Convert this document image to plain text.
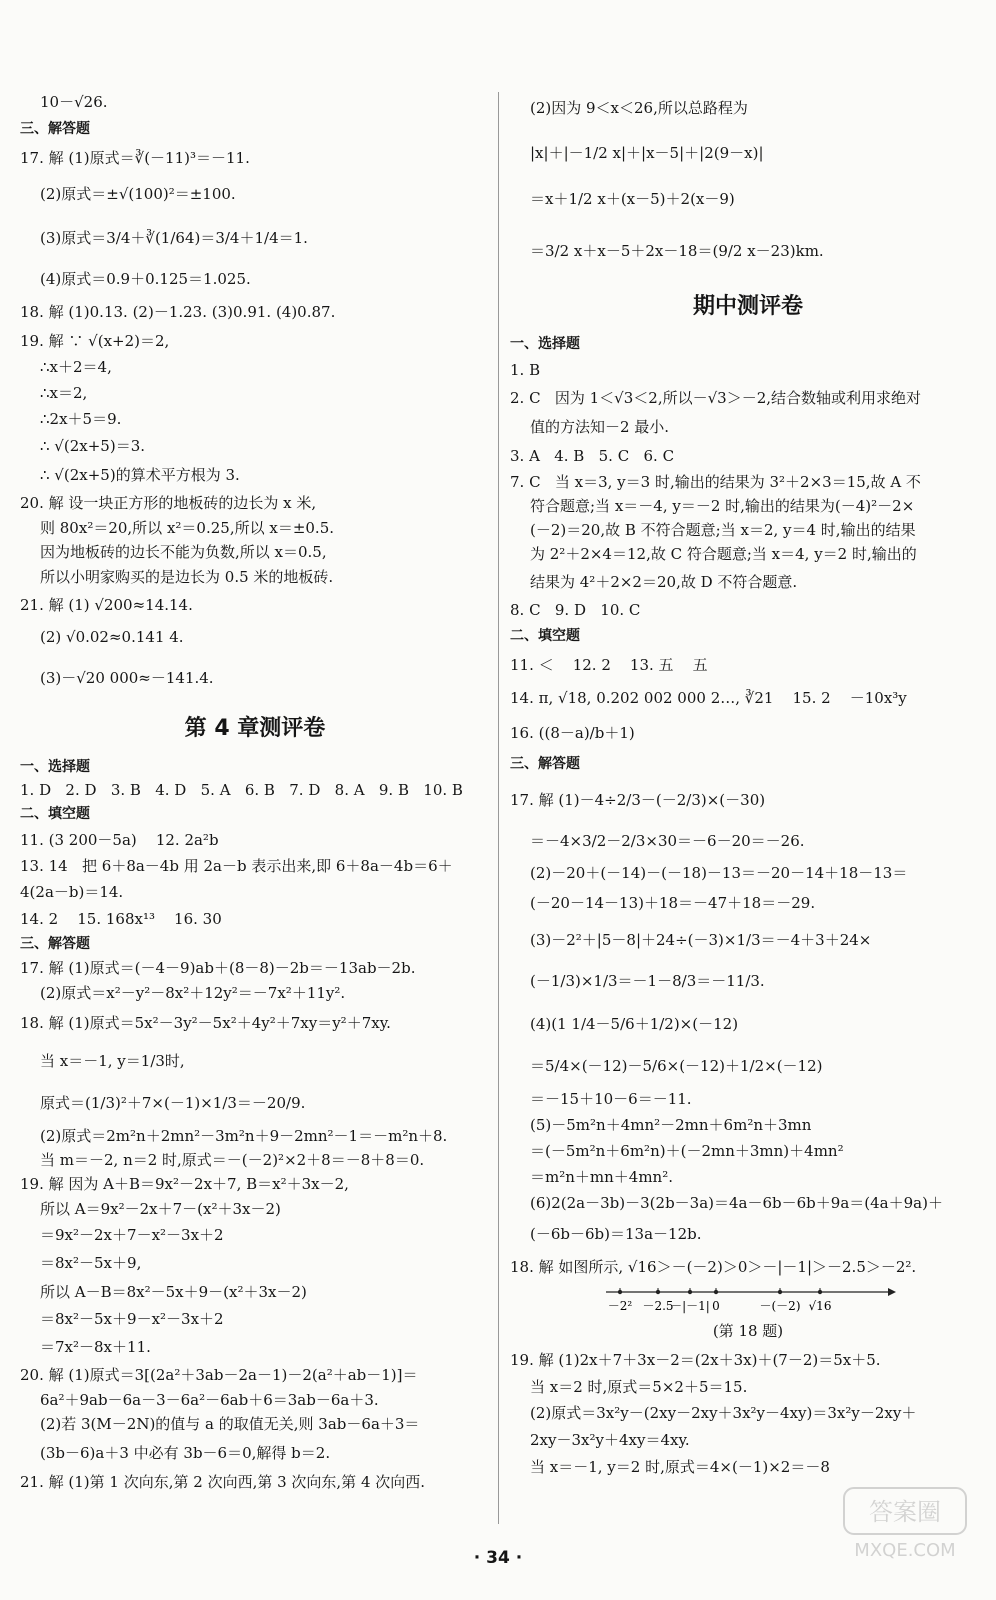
10－√26.
三、解答题
17. 解 (1)原式＝∛(－11)³＝－11.
(2)原式＝±√(100)²＝±100.
(3)原式＝3/4＋∛(1/64)＝3/4＋1/4＝1.
(4)原式＝0.9＋0.125＝1.025.
18. 解 (1)0.13. (2)－1.23. (3)0.91. (4)0.87.
19. 解 ∵ √(x+2)＝2,
∴x＋2＝4,
∴x＝2,
∴2x＋5＝9.
∴ √(2x+5)＝3.
∴ √(2x+5)的算术平方根为 3.
20. 解 设一块正方形的地板砖的边长为 x 米,
则 80x²＝20,所以 x²＝0.25,所以 x＝±0.5.
因为地板砖的边长不能为负数,所以 x＝0.5,
所以小明家购买的是边长为 0.5 米的地板砖.
21. 解 (1) √200≈14.14.
(2) √0.02≈0.141 4.
(3)－√20 000≈－141.4.
第 4 章测评卷
一、选择题
1. D   2. D   3. B   4. D   5. A   6. B   7. D   8. A   9. B   10. B
二、填空题
11. (3 200－5a)    12. 2a²b
13. 14   把 6＋8a－4b 用 2a－b 表示出来,即 6＋8a－4b＝6＋
4(2a－b)＝14.
14. 2    15. 168x¹³    16. 30
三、解答题
17. 解 (1)原式＝(－4－9)ab＋(8－8)－2b＝－13ab－2b.
(2)原式＝x²－y²－8x²＋12y²＝－7x²＋11y².
18. 解 (1)原式＝5x²－3y²－5x²＋4y²＋7xy＝y²＋7xy.
当 x＝－1, y＝1/3时,
原式＝(1/3)²＋7×(－1)×1/3＝－20/9.
(2)原式＝2m²n＋2mn²－3m²n＋9－2mn²－1＝－m²n＋8.
当 m＝－2, n＝2 时,原式＝－(－2)²×2＋8＝－8＋8＝0.
19. 解 因为 A＋B＝9x²－2x＋7, B＝x²＋3x－2,
所以 A＝9x²－2x＋7－(x²＋3x－2)
＝9x²－2x＋7－x²－3x＋2
＝8x²－5x＋9,
所以 A－B＝8x²－5x＋9－(x²＋3x－2)
＝8x²－5x＋9－x²－3x＋2
＝7x²－8x＋11.
20. 解 (1)原式＝3[(2a²＋3ab－2a－1)－2(a²＋ab－1)]＝
6a²＋9ab－6a－3－6a²－6ab＋6＝3ab－6a＋3.
(2)若 3(M－2N)的值与 a 的取值无关,则 3ab－6a＋3＝
(3b－6)a＋3 中必有 3b－6＝0,解得 b＝2.
21. 解 (1)第 1 次向东,第 2 次向西,第 3 次向东,第 4 次向西.
(2)因为 9＜x＜26,所以总路程为
|x|＋|－1/2 x|＋|x－5|＋|2(9－x)|
＝x＋1/2 x＋(x－5)＋2(x－9)
＝3/2 x＋x－5＋2x－18＝(9/2 x－23)km.
期中测评卷
一、选择题
1. B
2. C   因为 1＜√3＜2,所以－√3＞－2,结合数轴或利用求绝对
值的方法知－2 最小.
3. A   4. B   5. C   6. C
7. C   当 x＝3, y＝3 时,输出的结果为 3²＋2×3＝15,故 A 不
符合题意;当 x＝－4, y＝－2 时,输出的结果为(－4)²－2×
(－2)＝20,故 B 不符合题意;当 x＝2, y＝4 时,输出的结果
为 2²＋2×4＝12,故 C 符合题意;当 x＝4, y＝2 时,输出的
结果为 4²＋2×2＝20,故 D 不符合题意.
8. C   9. D   10. C
二、填空题
11. ＜    12. 2    13. 五    五
14. π, √18, 0.202 002 000 2…, ∛21    15. 2    －10x³y
16. ((8－a)/b＋1)
三、解答题
17. 解 (1)－4÷2/3－(－2/3)×(－30)
＝－4×3/2－2/3×30＝－6－20＝－26.
(2)－20＋(－14)－(－18)－13＝－20－14＋18－13＝
(－20－14－13)＋18＝－47＋18＝－29.
(3)－2²＋|5－8|＋24÷(－3)×1/3＝－4＋3＋24×
(－1/3)×1/3＝－1－8/3＝－11/3.
(4)(1 1/4－5/6＋1/2)×(－12)
＝5/4×(－12)－5/6×(－12)＋1/2×(－12)
＝－15＋10－6＝－11.
(5)－5m²n＋4mn²－2mn＋6m²n＋3mn
＝(－5m²n＋6m²n)＋(－2mn＋3mn)＋4mn²
＝m²n＋mn＋4mn².
(6)2(2a－3b)－3(2b－3a)＝4a－6b－6b＋9a＝(4a＋9a)＋
(－6b－6b)＝13a－12b.
18. 解 如图所示, √16＞－(－2)＞0＞－|－1|＞－2.5＞－2².
－2² －2.5
－|－1| 0	－(－2) √16
(第 18 题)
19. 解 (1)2x＋7＋3x－2＝(2x＋3x)＋(7－2)＝5x＋5.
当 x＝2 时,原式＝5×2＋5＝15.
(2)原式＝3x²y－(2xy－2xy＋3x²y－4xy)＝3x²y－2xy＋
2xy－3x²y＋4xy＝4xy.
当 x＝－1, y＝2 时,原式＝4×(－1)×2＝－8
· 34 ·
答案圈
MXQE.COM
